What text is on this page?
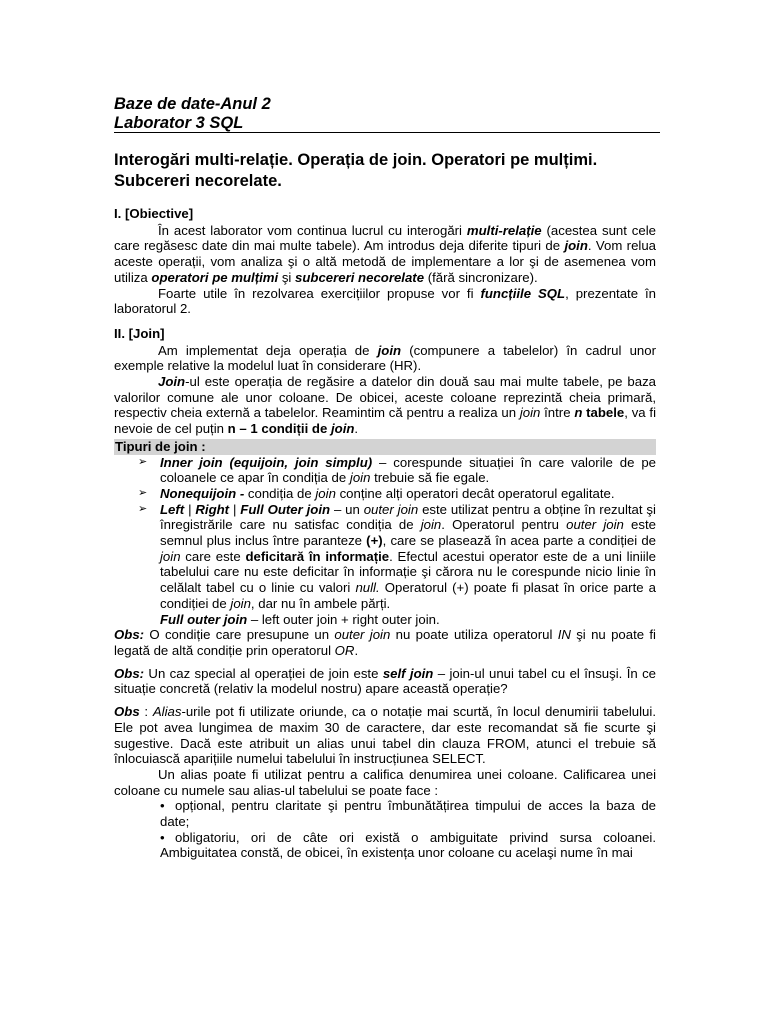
Baze de date-Anul 2
Laborator 3 SQL
Interogări multi-relație. Operația de join. Operatori pe mulțimi.
Subcereri necorelate.
I. [Obiective]

În acest laborator vom continua lucrul cu interogări multi-relație (acestea sunt cele care regăsesc date din mai multe tabele). Am introdus deja diferite tipuri de join. Vom relua aceste operații, vom analiza şi o altă metodă de implementare a lor şi de asemenea vom utiliza operatori pe mulțimi şi subcereri necorelate (fără sincronizare).

Foarte utile în rezolvarea exercițiilor propuse vor fi funcțiile SQL, prezentate în laboratorul 2.

II. [Join]

Am implementat deja operația de join (compunere a tabelelor) în cadrul unor exemple relative la modelul luat în considerare (HR).

Join-ul este operația de regăsire a datelor din două sau mai multe tabele, pe baza valorilor comune ale unor coloane. De obicei, aceste coloane reprezintă cheia primară, respectiv cheia externă a tabelelor. Reamintim că pentru a realiza un join între n tabele, va fi nevoie de cel puțin n – 1 condiții de join.

Tipuri de join :
➢ Inner join (equijoin, join simplu) – corespunde situației în care valorile de pe coloanele ce apar în condiția de join trebuie să fie egale.
➢ Nonequijoin - condiția de join conține alți operatori decât operatorul egalitate.
➢ Left | Right | Full Outer join – un outer join este utilizat pentru a obține în rezultat şi înregistrările care nu satisfac condiția de join. Operatorul pentru outer join este semnul plus inclus între paranteze (+), care se plasează în acea parte a condiției de join care este deficitară în informație. Efectul acestui operator este de a uni liniile tabelului care nu este deficitar în informație şi cărora nu le corespunde nicio linie în celălalt tabel cu o linie cu valori null. Operatorul (+) poate fi plasat în orice parte a condiției de join, dar nu în ambele părți.
Full outer join – left outer join + right outer join.

Obs: O condiție care presupune un outer join nu poate utiliza operatorul IN şi nu poate fi legată de altă condiție prin operatorul OR.

Obs: Un caz special al operației de join este self join – join-ul unui tabel cu el însuşi. În ce situație concretă (relativ la modelul nostru) apare această operație?

Obs : Alias-urile pot fi utilizate oriunde, ca o notație mai scurtă, în locul denumirii tabelului. Ele pot avea lungimea de maxim 30 de caractere, dar este recomandat să fie scurte şi sugestive. Dacă este atribuit un alias unui tabel din clauza FROM, atunci el trebuie să înlocuiască aparițiile numelui tabelului în instrucțiunea SELECT.

Un alias poate fi utilizat pentru a califica denumirea unei coloane. Calificarea unei coloane cu numele sau alias-ul tabelului se poate face :

• opțional, pentru claritate şi pentru îmbunătățirea timpului de acces la baza de date;
• obligatoriu, ori de câte ori există o ambiguitate privind sursa coloanei. Ambiguitatea constă, de obicei, în existența unor coloane cu acelaşi nume în mai
